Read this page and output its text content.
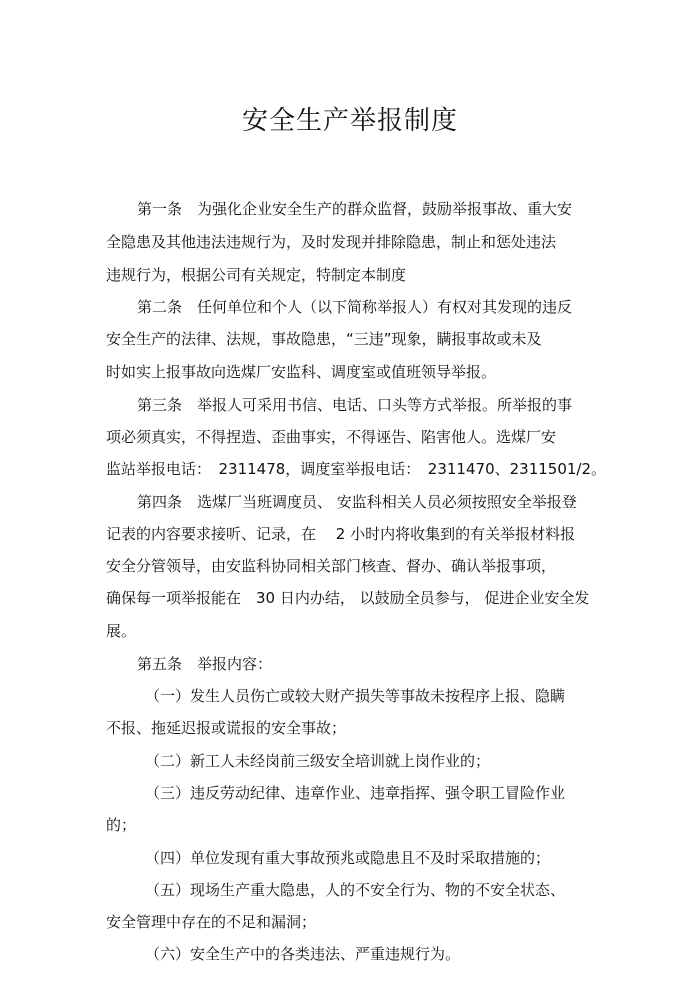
安全生产举报制度

第一条　为强化企业安全生产的群众监督，鼓励举报事故、重大安

全隐患及其他违法违规行为，及时发现并排除隐患，制止和惩处违法

违规行为，根据公司有关规定，特制定本制度

第二条　任何单位和个人（以下简称举报人）有权对其发现的违反

安全生产的法律、法规，事故隐患，“三违”现象，瞒报事故或未及

时如实上报事故向选煤厂安监科、调度室或值班领导举报。

第三条　举报人可采用书信、电话、口头等方式举报。所举报的事

项必须真实，不得捏造、歪曲事实，不得诬告、陷害他人。选煤厂安

监站举报电话：　2311478，调度室举报电话：　2311470、2311501/2。

第四条　选煤厂当班调度员、 安监科相关人员必须按照安全举报登

记表的内容要求接听、记录，在　 2 小时内将收集到的有关举报材料报

安全分管领导，由安监科协同相关部门核查、督办、确认举报事项，

确保每一项举报能在　30 日内办结， 以鼓励全员参与， 促进企业安全发

展。

第五条　举报内容：

（一）发生人员伤亡或较大财产损失等事故未按程序上报、隐瞒

不报、拖延迟报或谎报的安全事故；

（二）新工人未经岗前三级安全培训就上岗作业的；

（三）违反劳动纪律、违章作业、违章指挥、强令职工冒险作业

的；

（四）单位发现有重大事故预兆或隐患且不及时采取措施的；

（五）现场生产重大隐患，人的不安全行为、物的不安全状态、

安全管理中存在的不足和漏洞；

（六）安全生产中的各类违法、严重违规行为。
